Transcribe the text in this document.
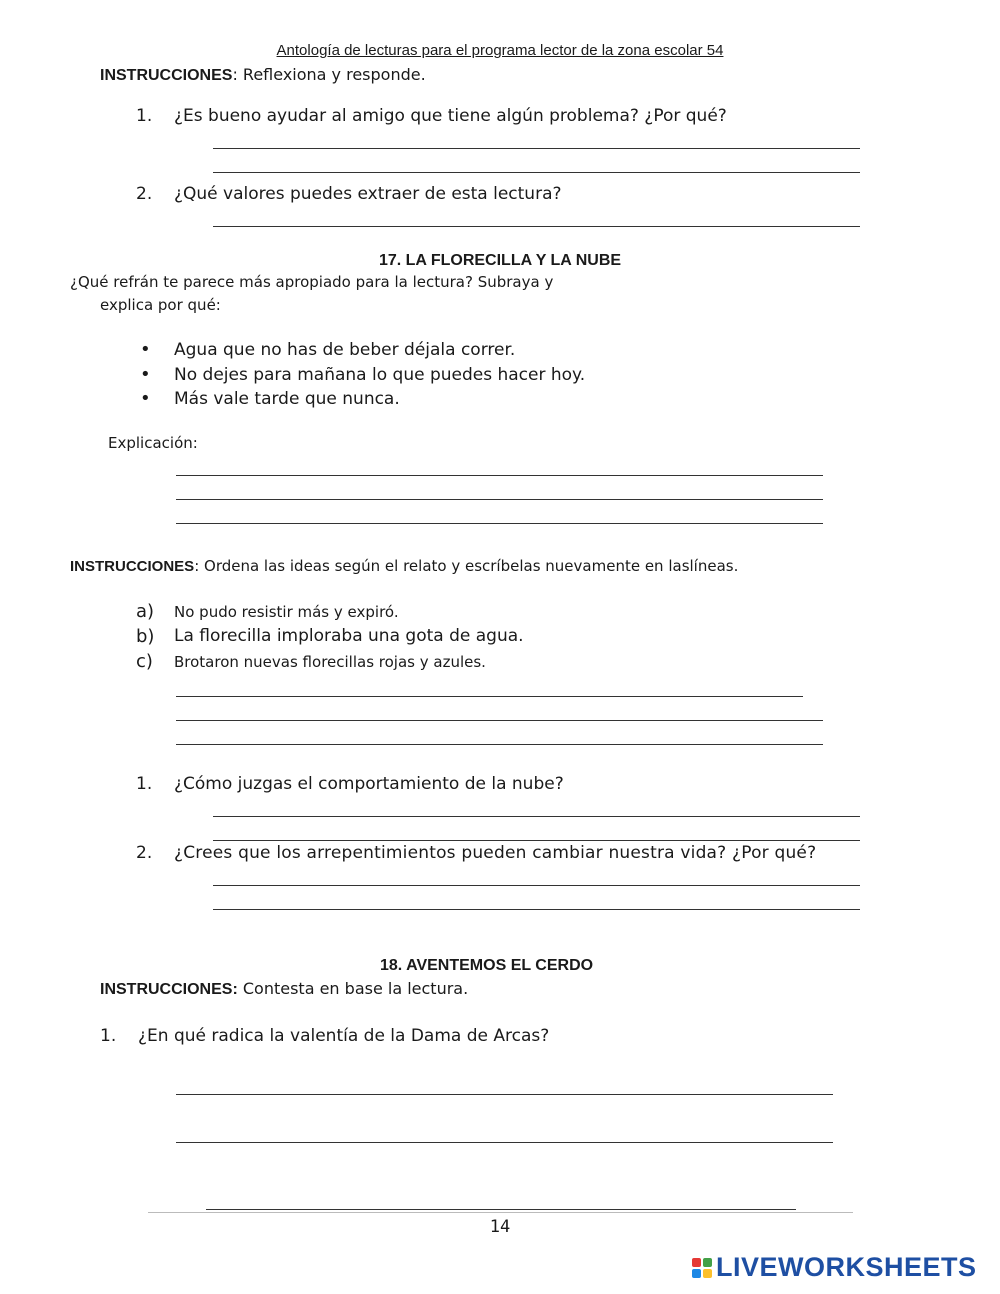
Antología de lecturas para el programa lector de la zona escolar 54
INSTRUCCIONES: Reflexiona y responde.
1. ¿Es bueno ayudar al amigo que tiene algún problema? ¿Por qué?
2. ¿Qué valores puedes extraer de esta lectura?
17. LA FLORECILLA Y LA NUBE
¿Qué refrán te parece más apropiado para la lectura? Subraya y
explica por qué:
• Agua que no has de beber déjala correr.
• No dejes para mañana lo que puedes hacer hoy.
• Más vale tarde que nunca.
Explicación:
INSTRUCCIONES: Ordena las ideas según el relato y escríbelas nuevamente en laslíneas.
a) No pudo resistir más y expiró.
b) La florecilla imploraba una gota de agua.
c) Brotaron nuevas florecillas rojas y azules.
1. ¿Cómo juzgas el comportamiento de la nube?
2. ¿Crees que los arrepentimientos pueden cambiar nuestra vida? ¿Por qué?
18. AVENTEMOS EL CERDO
INSTRUCCIONES: Contesta en base la lectura.
1. ¿En qué radica la valentía de la Dama de Arcas?
14
LIVEWORKSHEETS
